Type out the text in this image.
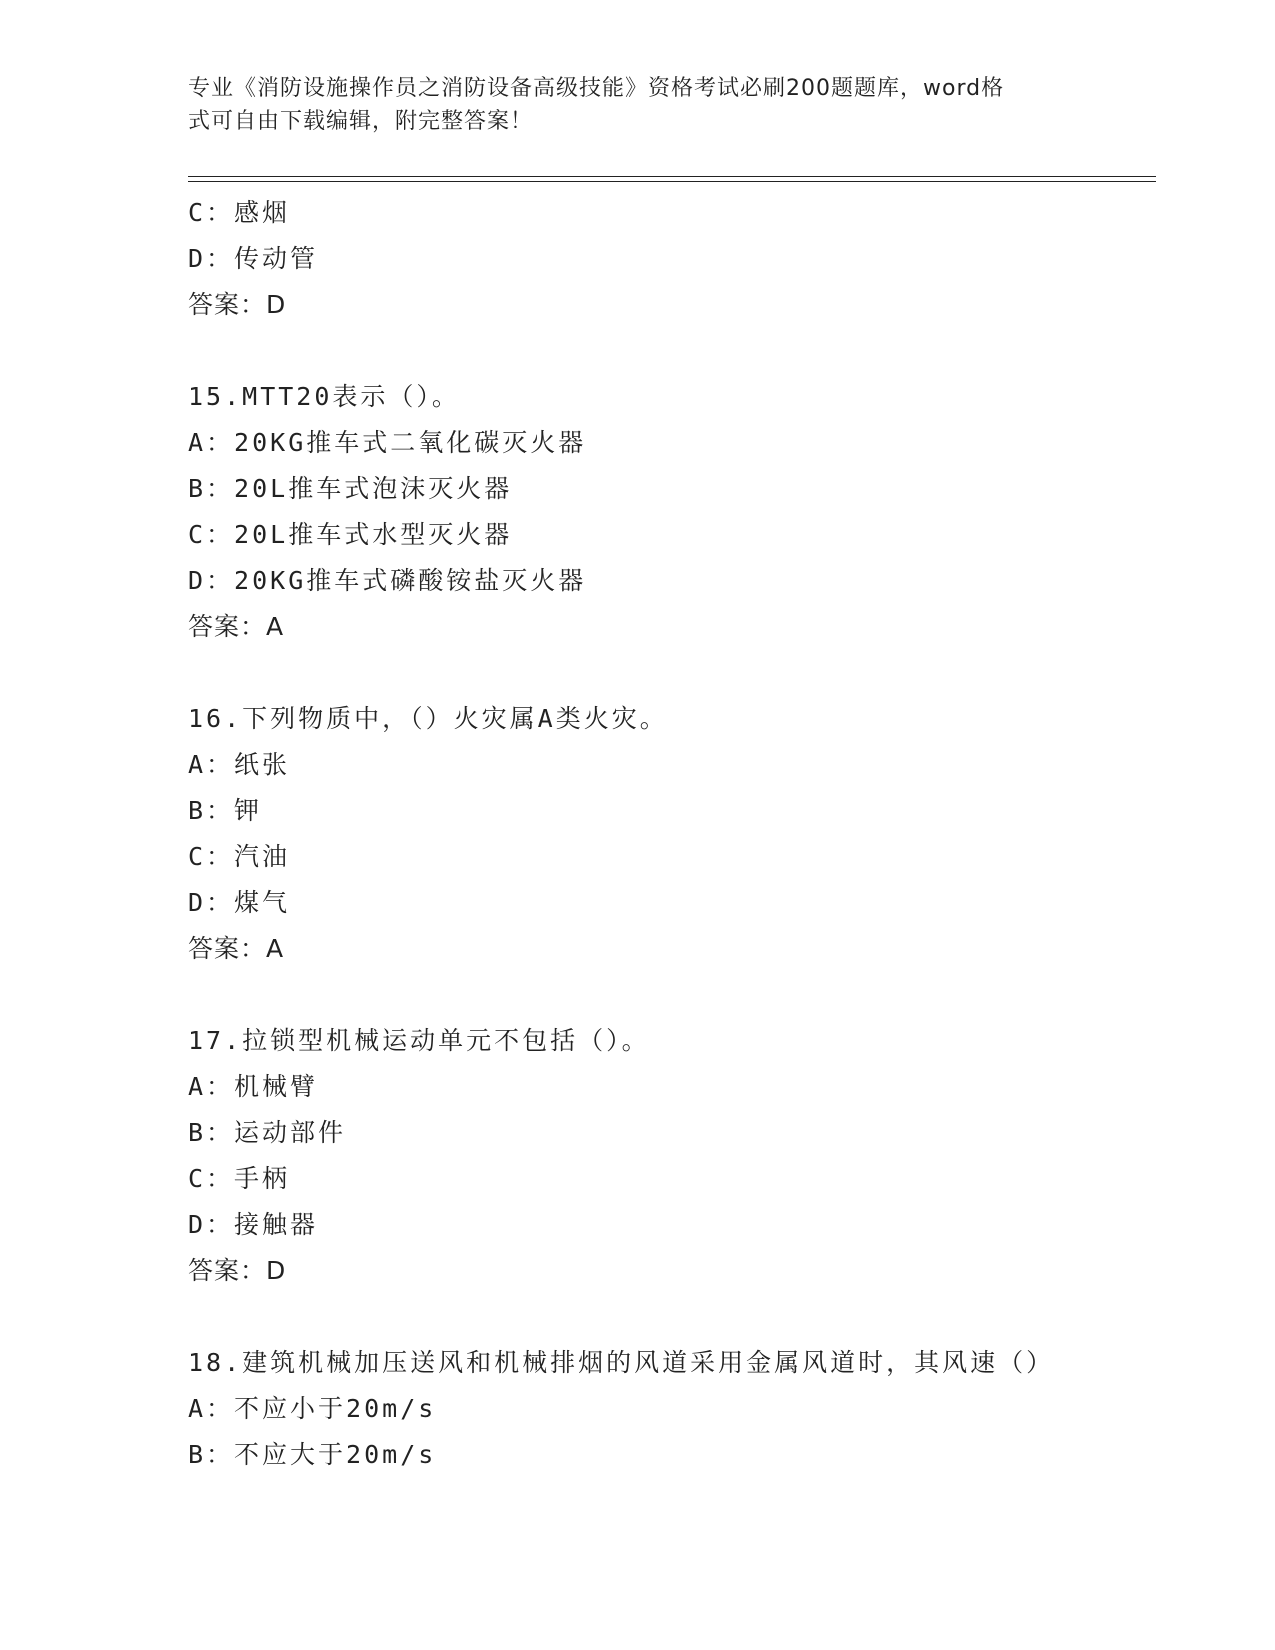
专业《消防设施操作员之消防设备高级技能》资格考试必刷200题题库，word格
式可自由下载编辑，附完整答案！
C：感烟
D：传动管
答案：D
15.MTT20表示（）。
A：20KG推车式二氧化碳灭火器
B：20L推车式泡沫灭火器
C：20L推车式水型灭火器
D：20KG推车式磷酸铵盐灭火器
答案：A
16.下列物质中，（）火灾属A类火灾。
A：纸张
B：钾
C：汽油
D：煤气
答案：A
17.拉锁型机械运动单元不包括（）。
A：机械臂
B：运动部件
C：手柄
D：接触器
答案：D
18.建筑机械加压送风和机械排烟的风道采用金属风道时，其风速（）
A：不应小于20m/s
B：不应大于20m/s
